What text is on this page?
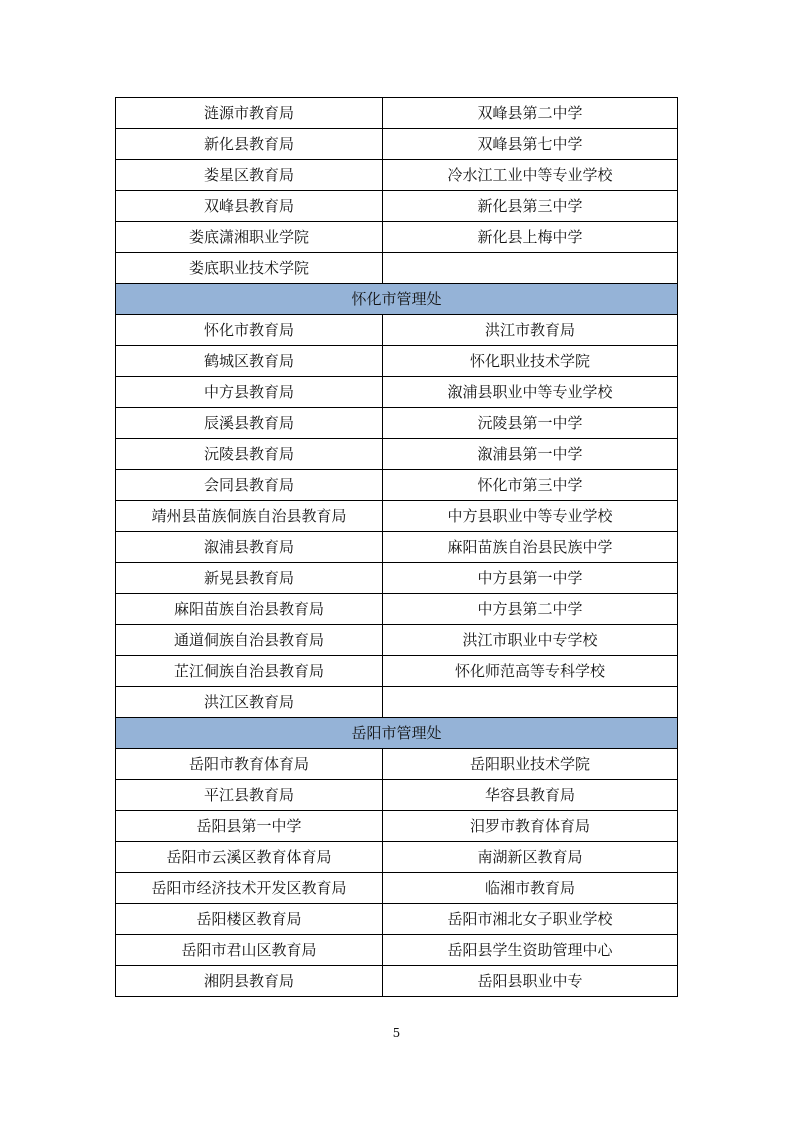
涟源市教育局	双峰县第二中学
新化县教育局	双峰县第七中学
娄星区教育局	冷水江工业中等专业学校
双峰县教育局	新化县第三中学
娄底潇湘职业学院	新化县上梅中学
娄底职业技术学院	
怀化市管理处	
怀化市教育局	洪江市教育局
鹤城区教育局	怀化职业技术学院
中方县教育局	溆浦县职业中等专业学校
辰溪县教育局	沅陵县第一中学
沅陵县教育局	溆浦县第一中学
会同县教育局	怀化市第三中学
靖州县苗族侗族自治县教育局	中方县职业中等专业学校
溆浦县教育局	麻阳苗族自治县民族中学
新晃县教育局	中方县第一中学
麻阳苗族自治县教育局	中方县第二中学
通道侗族自治县教育局	洪江市职业中专学校
芷江侗族自治县教育局	怀化师范高等专科学校
洪江区教育局	
岳阳市管理处	
岳阳市教育体育局	岳阳职业技术学院
平江县教育局	华容县教育局
岳阳县第一中学	汨罗市教育体育局
岳阳市云溪区教育体育局	南湖新区教育局
岳阳市经济技术开发区教育局	临湘市教育局
岳阳楼区教育局	岳阳市湘北女子职业学校
岳阳市君山区教育局	岳阳县学生资助管理中心
湘阴县教育局	岳阳县职业中专
5
